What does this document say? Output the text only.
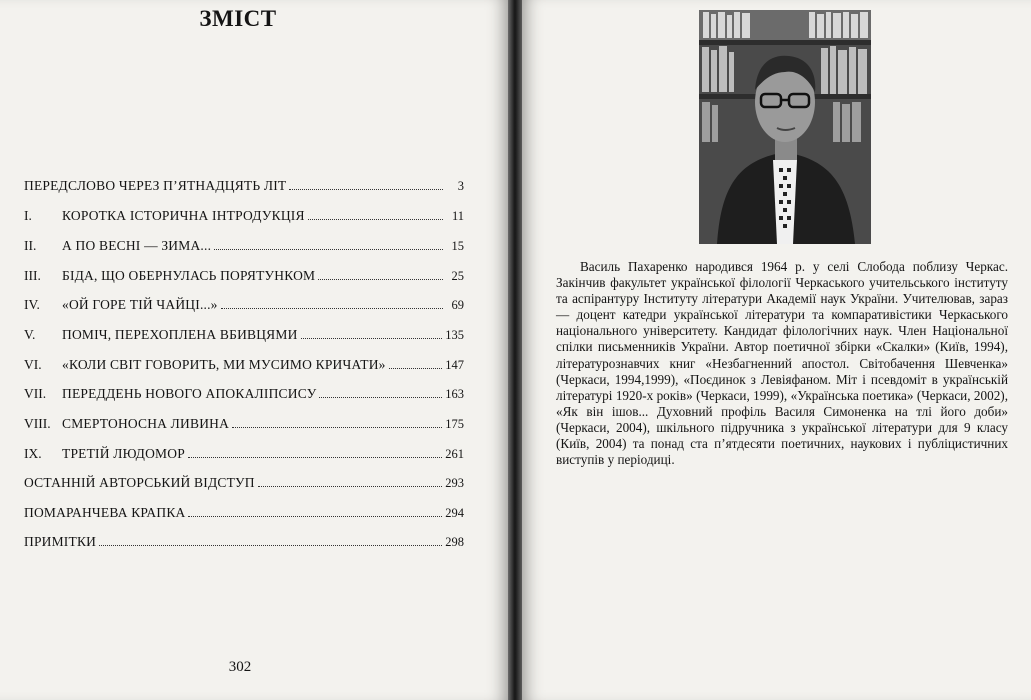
ЗМІСТ
ПЕРЕДСЛОВО ЧЕРЕЗ П’ЯТНАДЦЯТЬ ЛІТ	3
I.	КОРОТКА ІСТОРИЧНА ІНТРОДУКЦІЯ	11
II.	А ПО ВЕСНІ — ЗИМА...	15
III.	БІДА, ЩО ОБЕРНУЛАСЬ ПОРЯТУНКОМ	25
IV.	«ОЙ ГОРЕ ТІЙ ЧАЙЦІ...»	69
V.	ПОМІЧ, ПЕРЕХОПЛЕНА ВБИВЦЯМИ	135
VI.	«КОЛИ СВІТ ГОВОРИТЬ, МИ МУСИМО КРИЧАТИ»	147
VII.	ПЕРЕДДЕНЬ НОВОГО АПОКАЛІПСИСУ	163
VIII. СМЕРТОНОСНА ЛИВИНА	175
IX.	ТРЕТІЙ ЛЮДОМОР	261
ОСТАННІЙ АВТОРСЬКИЙ ВІДСТУП	293
ПОМАРАНЧЕВА КРАПКА	294
ПРИМІТКИ	298
302

Василь Пахаренко народився 1964 р. у селі Слобода поблизу Черкас. Закінчив факультет української філології Черкаського учительського інституту та аспірантуру Інституту літератури Академії наук України. Учителював, зараз — доцент катедри української літератури та компаративістики Черкаського національного університету. Кандидат філологічних наук. Член Національної спілки письменників України. Автор поетичної збірки «Скалки» (Київ, 1994), літературознавчих книг «Незбагненний апостол. Світобачення Шевченка» (Черкаси, 1994,1999), «Поєдинок з Левіяфаном. Міт і псевдоміт в українській літературі 1920-х років» (Черкаси, 1999), «Українська поетика» (Черкаси, 2002), «Як він ішов... Духовний профіль Василя Симоненка на тлі його доби» (Черкаси, 2004), шкільного підручника з української літератури для 9 класу (Київ, 2004) та понад ста п’ятдесяти поетичних, наукових і публіцистичних виступів у періодиці.
